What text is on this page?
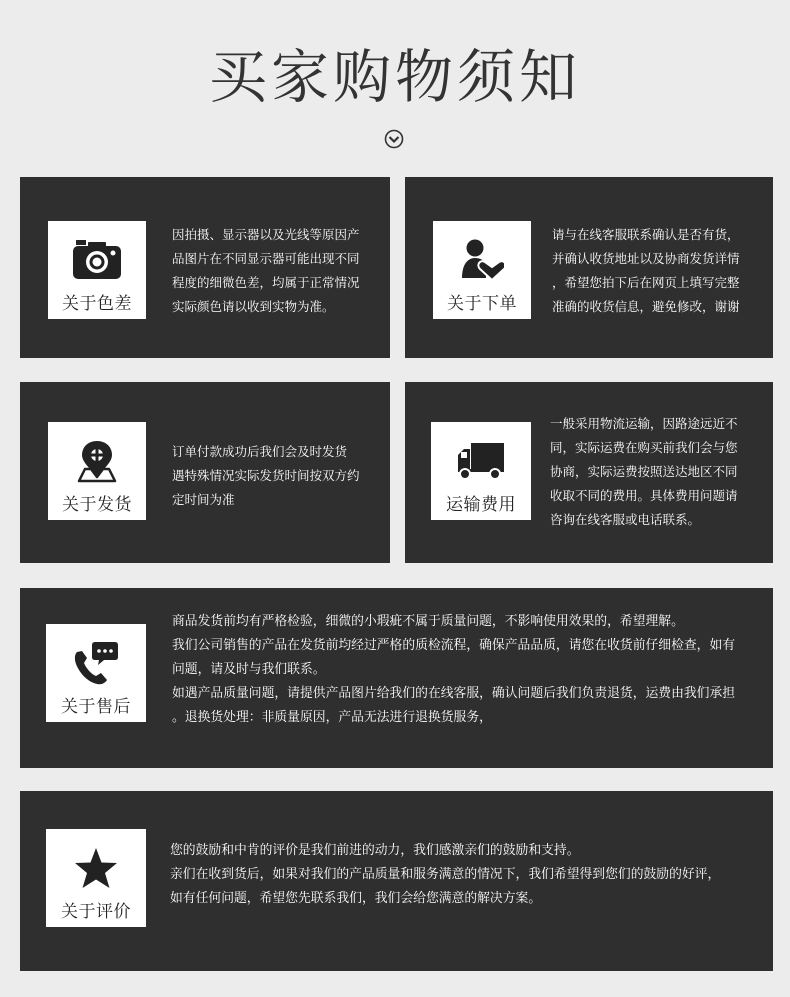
买家购物须知
关于色差
因拍摄、显示器以及光线等原因产
品图片在不同显示器可能出现不同
程度的细微色差，均属于正常情况
实际颜色请以收到实物为准。	关于下单
请与在线客服联系确认是否有货，
并确认收货地址以及协商发货详情
，希望您拍下后在网页上填写完整
准确的收货信息，避免修改，谢谢
关于发货
订单付款成功后我们会及时发货
遇特殊情况实际发货时间按双方约
定时间为准	运输费用
一般采用物流运输，因路途远近不
同，实际运费在购买前我们会与您
协商，实际运费按照送达地区不同
收取不同的费用。具体费用问题请
咨询在线客服或电话联系。
关于售后
商品发货前均有严格检验，细微的小瑕疵不属于质量问题，不影响使用效果的，希望理解。
我们公司销售的产品在发货前均经过严格的质检流程，确保产品品质，请您在收货前仔细检查，如有
问题，请及时与我们联系。
如遇产品质量问题，请提供产品图片给我们的在线客服，确认问题后我们负责退货，运费由我们承担
。退换货处理：非质量原因，产品无法进行退换货服务，
关于评价
您的鼓励和中肯的评价是我们前进的动力，我们感激亲们的鼓励和支持。
亲们在收到货后，如果对我们的产品质量和服务满意的情况下，我们希望得到您们的鼓励的好评，
如有任何问题，希望您先联系我们，我们会给您满意的解决方案。
